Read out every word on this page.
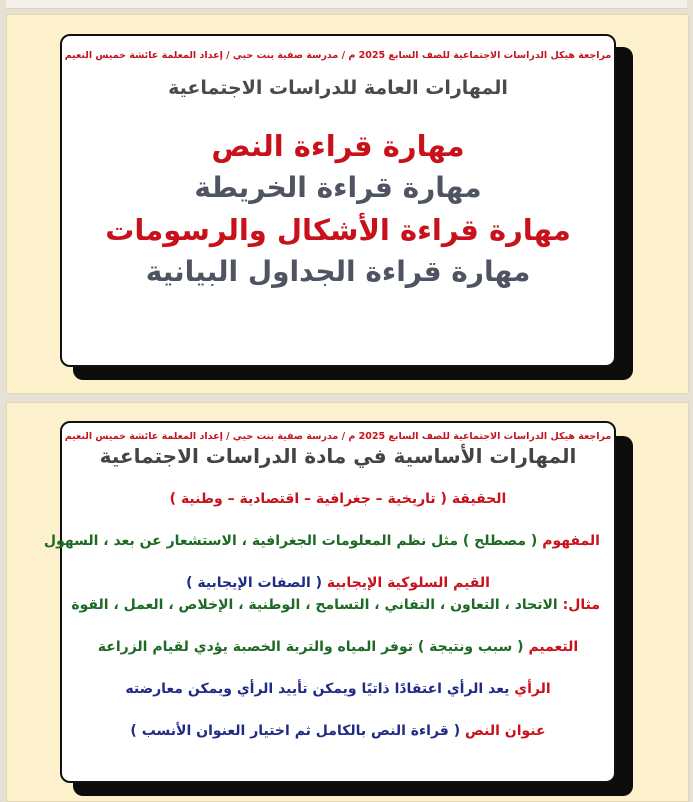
مراجعة هيكل الدراسات الاجتماعية للصف السابع 2025 م / مدرسة صفية بنت حيي / إعداد المعلمة عائشة خميس النعيم
المهارات العامة للدراسات الاجتماعية
مهارة قراءة النص
مهارة قراءة الخريطة
مهارة قراءة الأشكال والرسومات
مهارة قراءة الجداول البيانية
مراجعة هيكل الدراسات الاجتماعية للصف السابع 2025 م / مدرسة صفية بنت حيي / إعداد المعلمة عائشة خميس النعيم
المهارات الأساسية في مادة الدراسات الاجتماعية
الحقيقة ( تاريخية – جغرافية – اقتصادية – وطنية )
المفهوم ( مصطلح ) مثل نظم المعلومات الجغرافية ، الاستشعار عن بعد ، السهول
القيم السلوكية الإيجابية ( الصفات الإيجابية )
مثال: الاتحاد ، التعاون ، التفاني ، التسامح ، الوطنية ، الإخلاص ، العمل ، القوة
التعميم ( سبب ونتيجة ) توفر المياه والتربة الخصبة يؤدي لقيام الزراعة
الرأي يعد الرأي اعتقادًا ذاتيًا ويمكن تأييد الرأي ويمكن معارضته
عنوان النص ( قراءة النص بالكامل ثم اختيار العنوان الأنسب )
